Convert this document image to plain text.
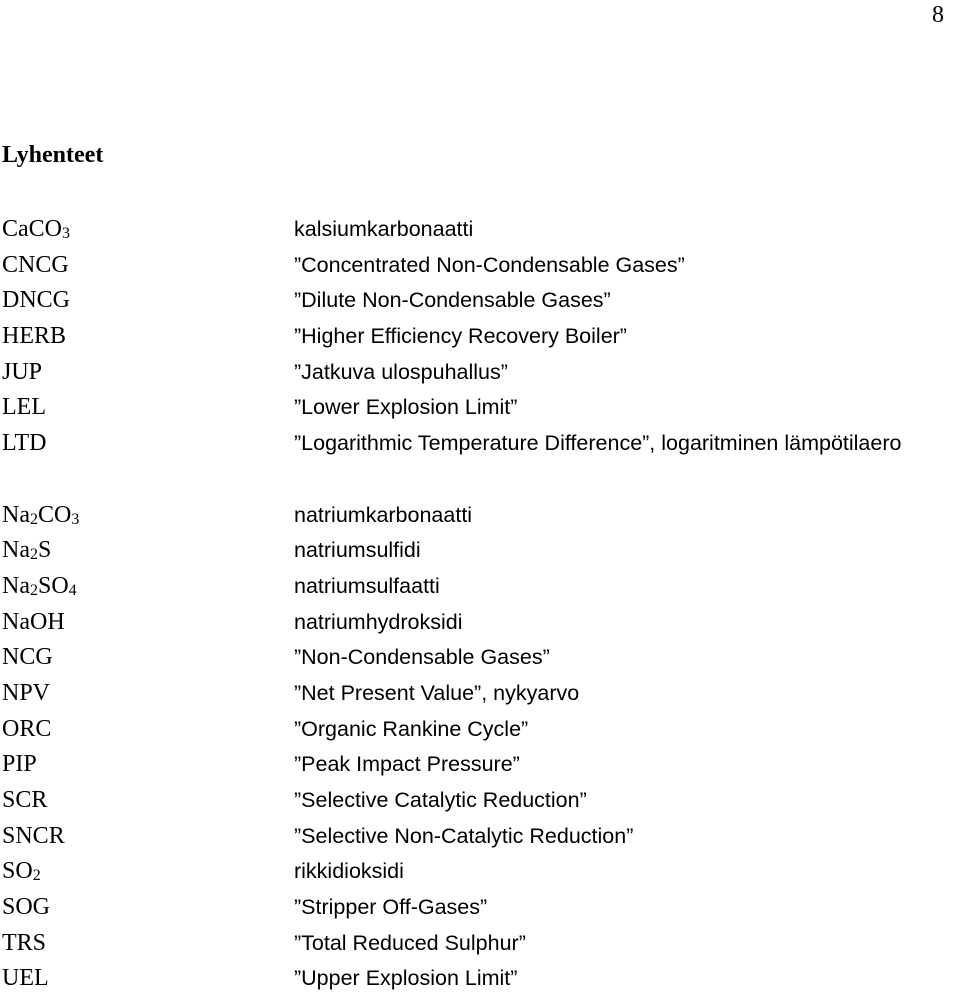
8
Lyhenteet
CaCO$_3$	kalsiumkarbonaatti
CNCG	”Concentrated Non-Condensable Gases”
DNCG	”Dilute Non-Condensable Gases”
HERB	”Higher Efficiency Recovery Boiler”
JUP	”Jatkuva ulospuhallus”
LEL	”Lower Explosion Limit”
LTD	”Logarithmic Temperature Difference”, logaritminen lämpötilaero
$Na_2CO_3$	natriumkarbonaatti
$Na_2S$	natriumsulfidi
$Na_2SO_4$	natriumsulfaatti
NaOH	natriumhydroksidi
NCG	”Non-Condensable Gases”
NPV	”Net Present Value”, nykyarvo
ORC	”Organic Rankine Cycle”
PIP	”Peak Impact Pressure”
SCR	”Selective Catalytic Reduction”
SNCR	”Selective Non-Catalytic Reduction”
$SO_2$	rikkidioksidi
SOG	”Stripper Off-Gases”
TRS	”Total Reduced Sulphur”
UEL	”Upper Explosion Limit”
